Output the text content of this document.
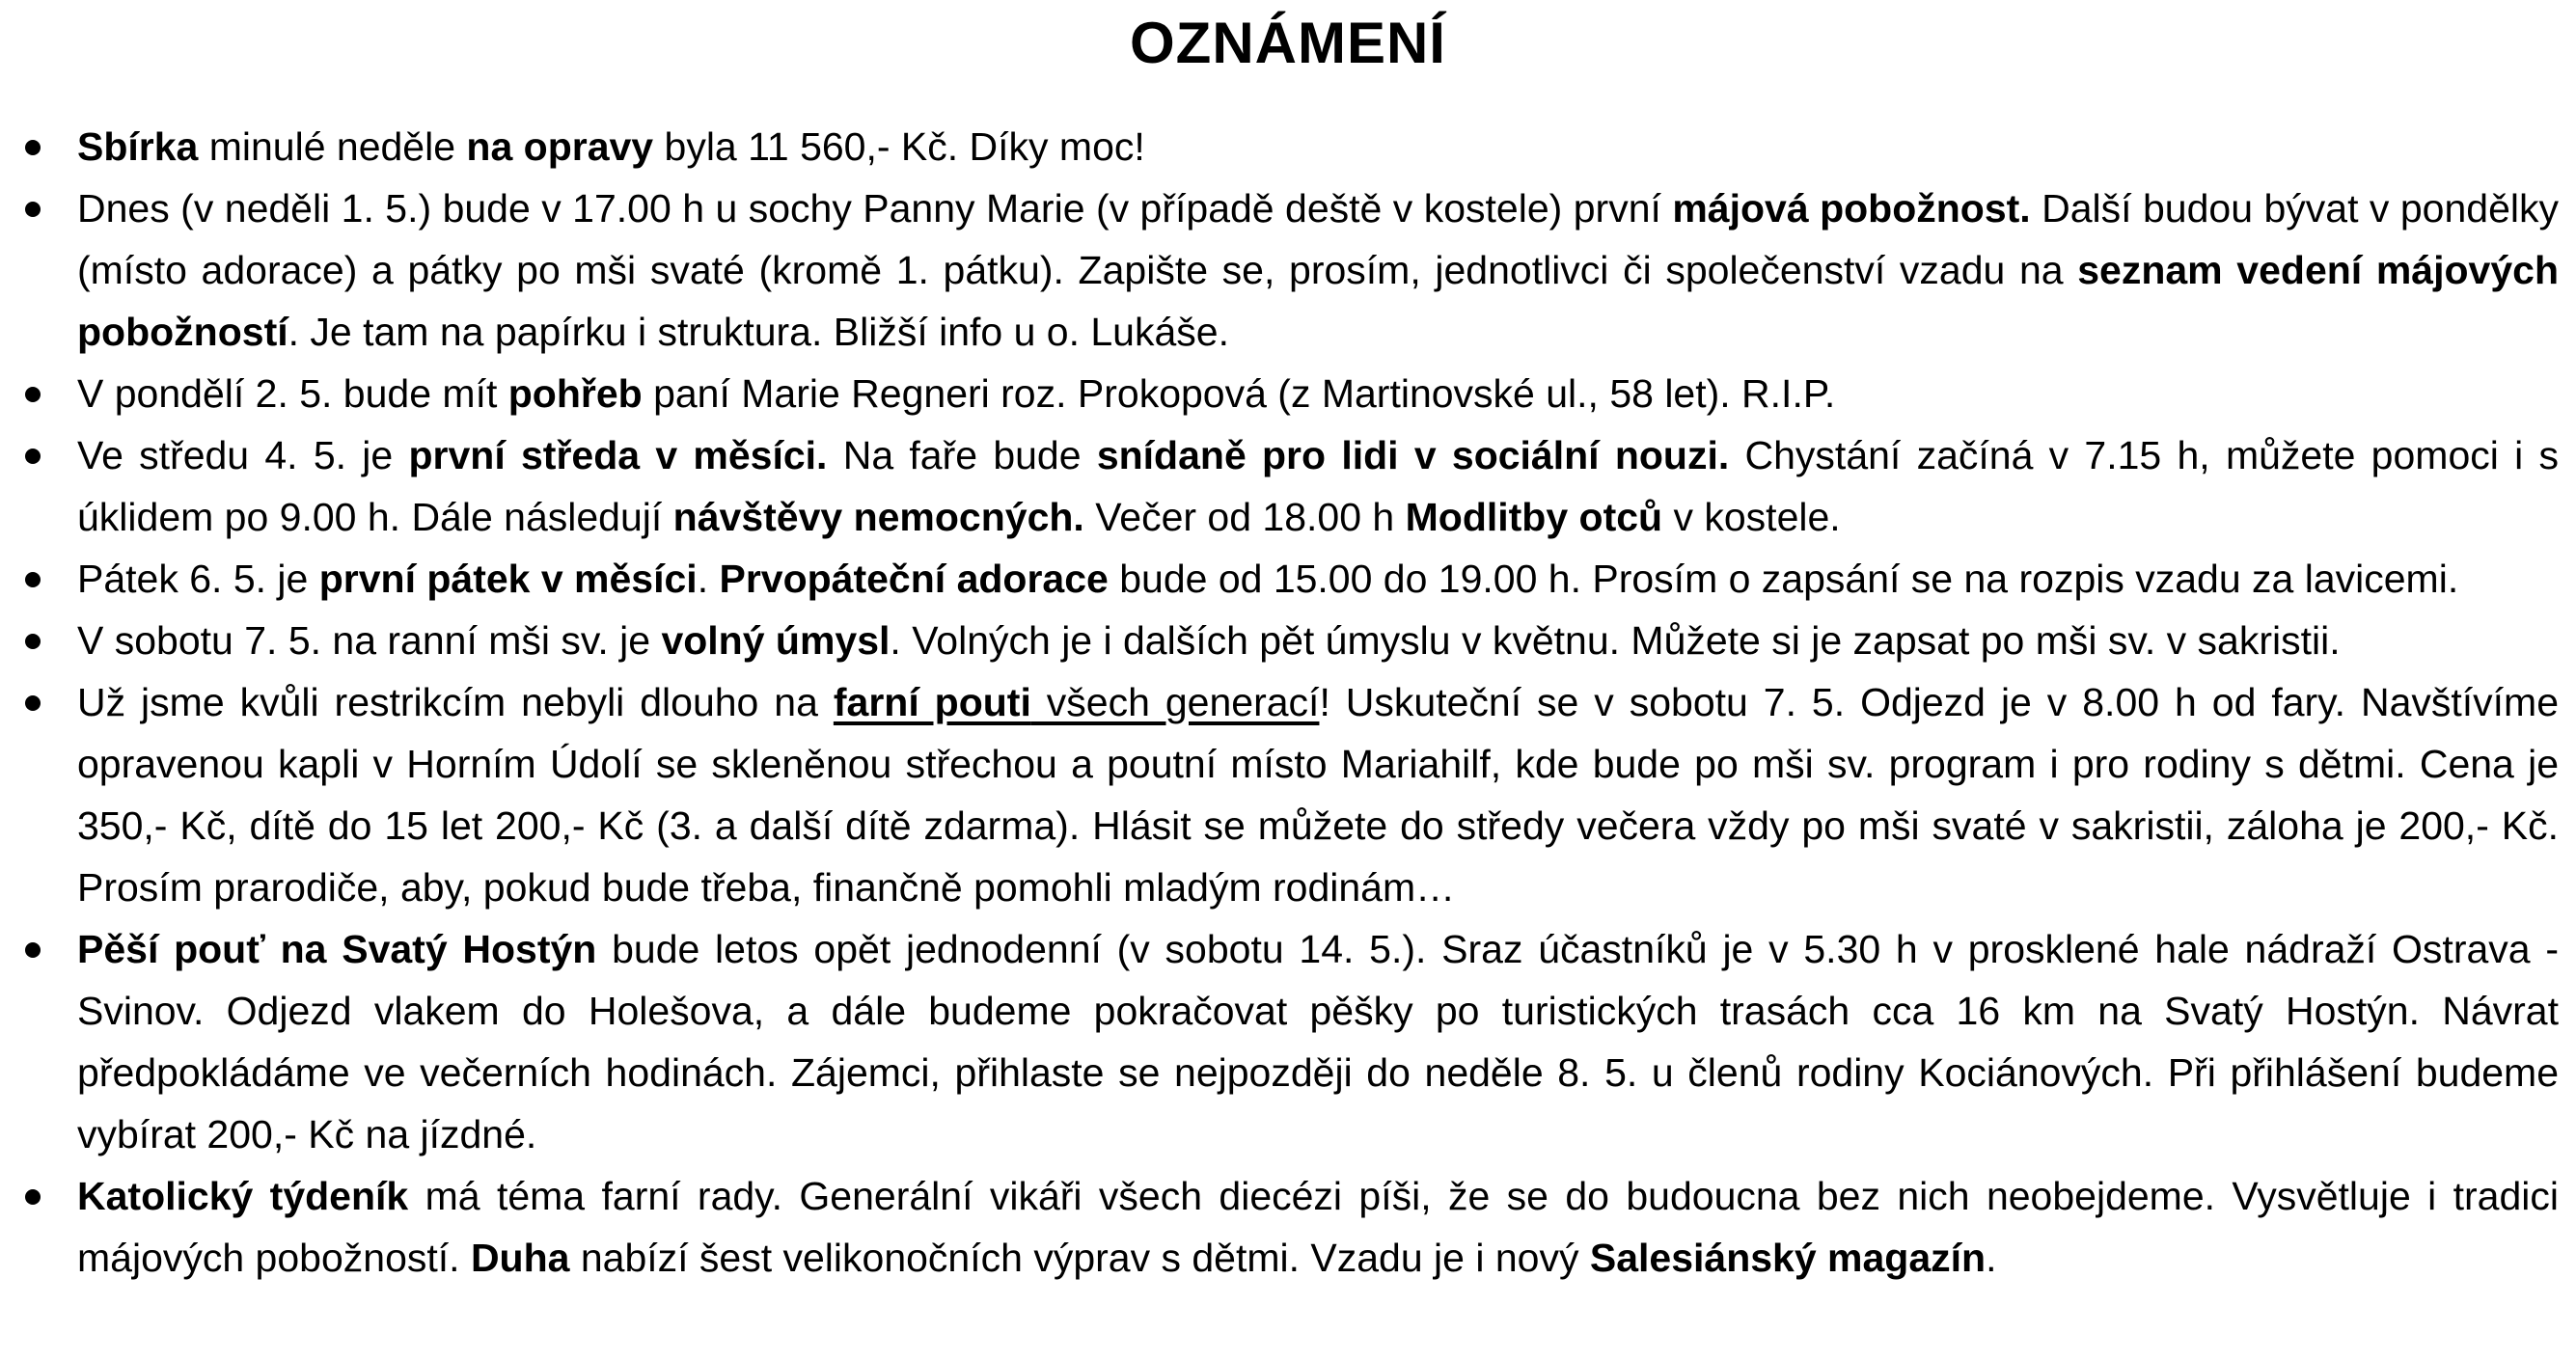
OZNÁMENÍ
Sbírka minulé neděle na opravy byla 11 560,- Kč. Díky moc!
Dnes (v neděli 1. 5.) bude v 17.00 h u sochy Panny Marie (v případě deště v kostele) první májová pobožnost. Další budou bývat v pondělky (místo adorace) a pátky po mši svaté (kromě 1. pátku). Zapište se, prosím, jednotlivci či společenství vzadu na seznam vedení májových pobožností. Je tam na papírku i struktura. Bližší info u o. Lukáše.
V pondělí 2. 5. bude mít pohřeb paní Marie Regneri roz. Prokopová (z Martinovské ul., 58 let). R.I.P.
Ve středu 4. 5. je první středa v měsíci. Na faře bude snídaně pro lidi v sociální nouzi. Chystání začíná v 7.15 h, můžete pomoci i s úklidem po 9.00 h. Dále následují návštěvy nemocných. Večer od 18.00 h Modlitby otců v kostele.
Pátek 6. 5. je první pátek v měsíci. Prvopáteční adorace bude od 15.00 do 19.00 h. Prosím o zapsání se na rozpis vzadu za lavicemi.
V sobotu 7. 5. na ranní mši sv. je volný úmysl. Volných je i dalších pět úmyslu v květnu. Můžete si je zapsat po mši sv. v sakristii.
Už jsme kvůli restrikcím nebyli dlouho na farní pouti všech generací! Uskuteční se v sobotu 7. 5. Odjezd je v 8.00 h od fary. Navštívíme opravenou kapli v Horním Údolí se skleněnou střechou a poutní místo Mariahilf, kde bude po mši sv. program i pro rodiny s dětmi. Cena je 350,- Kč, dítě do 15 let 200,- Kč (3. a další dítě zdarma). Hlásit se můžete do středy večera vždy po mši svaté v sakristii, záloha je 200,- Kč. Prosím prarodiče, aby, pokud bude třeba, finančně pomohli mladým rodinám…
Pěší pouť na Svatý Hostýn bude letos opět jednodenní (v sobotu 14. 5.). Sraz účastníků je v 5.30 h v prosklené hale nádraží Ostrava - Svinov. Odjezd vlakem do Holešova, a dále budeme pokračovat pěšky po turistických trasách cca 16 km na Svatý Hostýn. Návrat předpokládáme ve večerních hodinách. Zájemci, přihlaste se nejpozději do neděle 8. 5. u členů rodiny Kociánových. Při přihlášení budeme vybírat 200,- Kč na jízdné.
Katolický týdeník má téma farní rady. Generální vikáři všech diecézi píši, že se do budoucna bez nich neobejdeme. Vysvětluje i tradici májových pobožností. Duha nabízí šest velikonočních výprav s dětmi. Vzadu je i nový Salesiánský magazín.
